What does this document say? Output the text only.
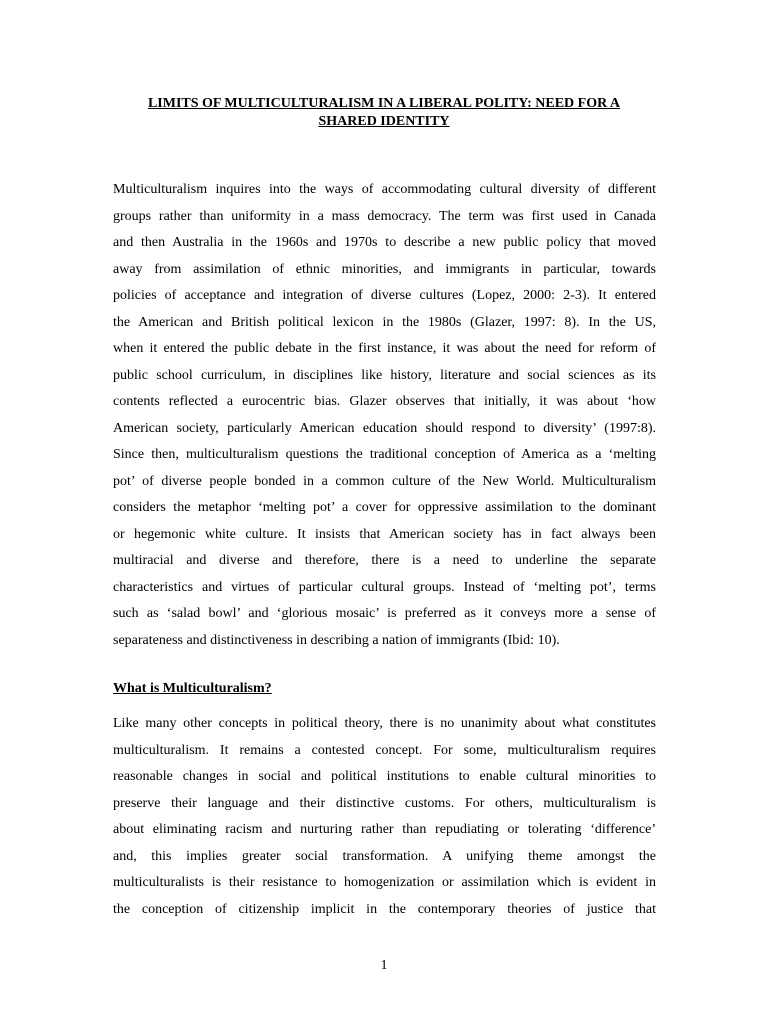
LIMITS OF MULTICULTURALISM IN A LIBERAL POLITY: NEED FOR A
SHARED IDENTITY
Multiculturalism inquires into the ways of accommodating cultural diversity of different
groups rather than uniformity in a mass democracy. The term was first used in Canada
and then Australia in the 1960s and 1970s to describe a new public policy that moved
away from assimilation of ethnic minorities, and immigrants in particular, towards
policies of acceptance and integration of diverse cultures (Lopez, 2000: 2-3). It entered
the American and British political lexicon in the 1980s (Glazer, 1997: 8). In the US,
when it entered the public debate in the first instance, it was about the need for reform of
public school curriculum, in disciplines like history, literature and social sciences as its
contents reflected a eurocentric bias. Glazer observes that initially, it was about ‘how
American society, particularly American education should respond to diversity’ (1997:8).
Since then, multiculturalism questions the traditional conception of America as a ‘melting
pot’ of diverse people bonded in a common culture of the New World. Multiculturalism
considers the metaphor ‘melting pot’ a cover for oppressive assimilation to the dominant
or hegemonic white culture. It insists that American society has in fact always been
multiracial and diverse and therefore, there is a need to underline the separate
characteristics and virtues of particular cultural groups. Instead of ‘melting pot’, terms
such as ‘salad bowl’ and ‘glorious mosaic’ is preferred as it conveys more a sense of
separateness and distinctiveness in describing a nation of immigrants (Ibid: 10).
What is Multiculturalism?
Like many other concepts in political theory, there is no unanimity about what constitutes
multiculturalism. It remains a contested concept. For some, multiculturalism requires
reasonable changes in social and political institutions to enable cultural minorities to
preserve their language and their distinctive customs. For others, multiculturalism is
about eliminating racism and nurturing rather than repudiating or tolerating ‘difference’
and, this implies greater social transformation. A unifying theme amongst the
multiculturalists is their resistance to homogenization or assimilation which is evident in
the conception of citizenship implicit in the contemporary theories of justice that
1
